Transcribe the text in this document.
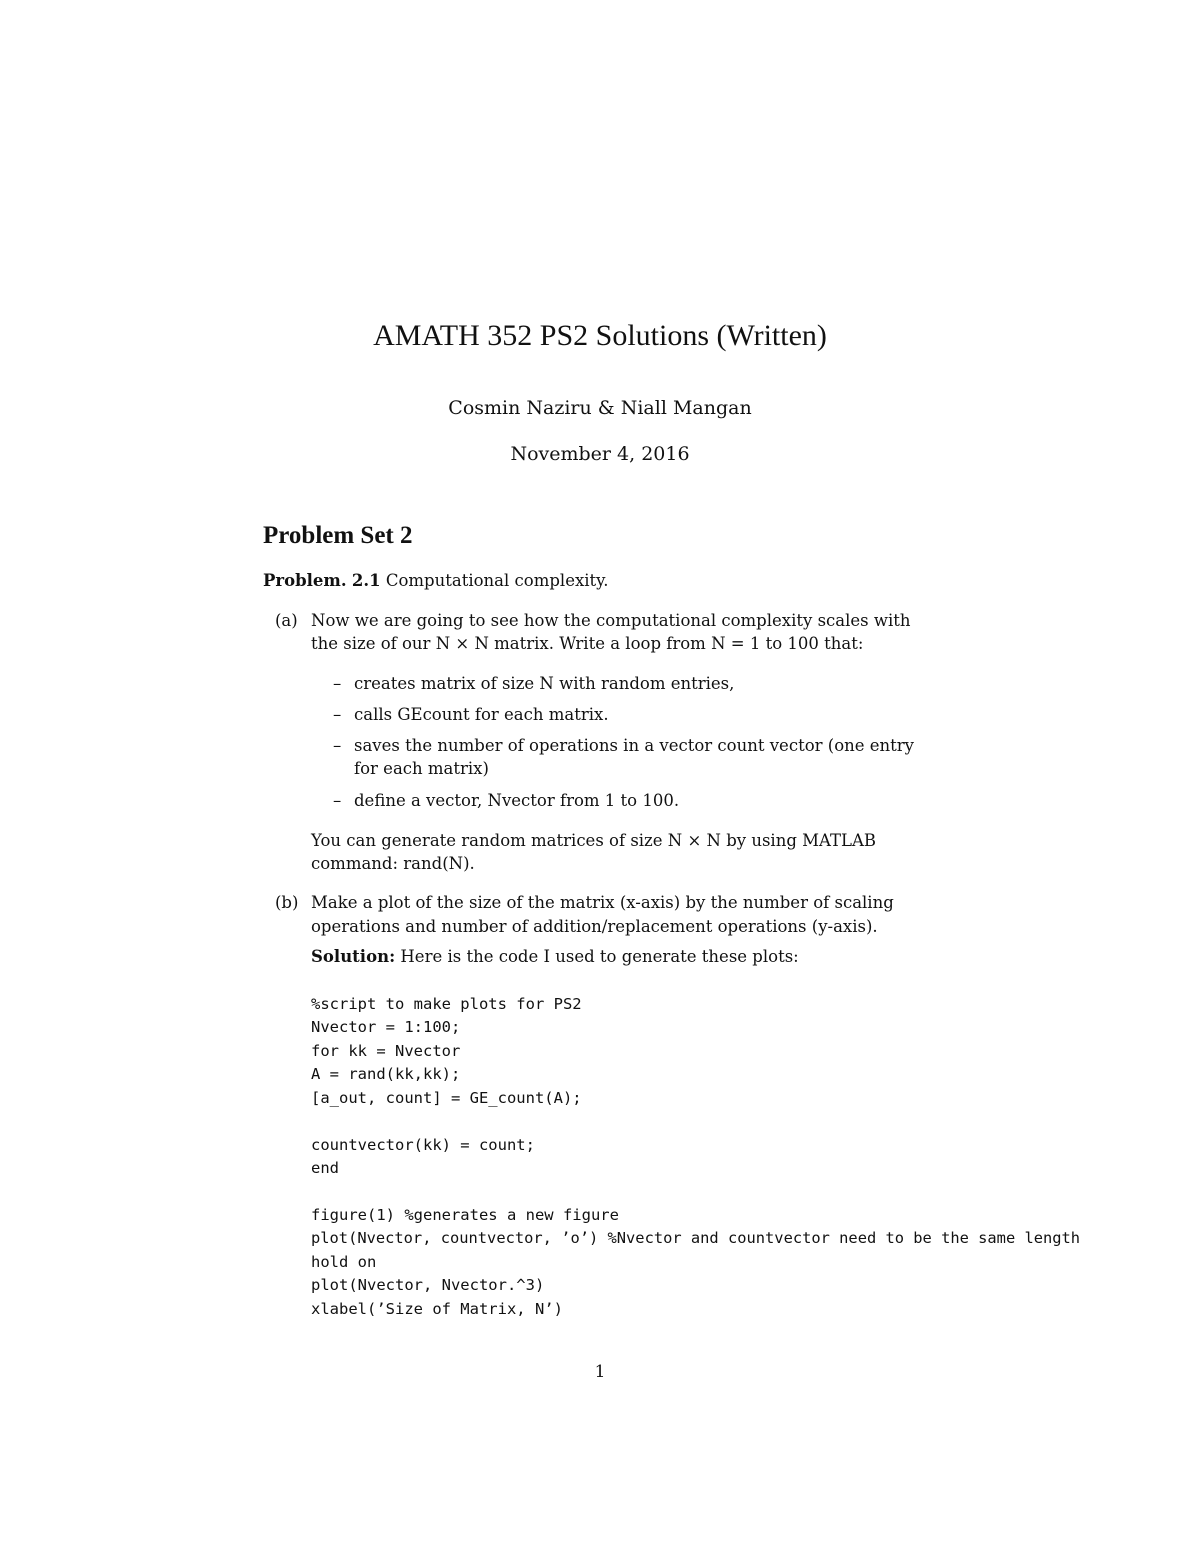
AMATH 352 PS2 Solutions (Written)
Cosmin Naziru & Niall Mangan
November 4, 2016
Problem Set 2
Problem. 2.1 Computational complexity.
(a) Now we are going to see how the computational complexity scales with
the size of our N × N matrix. Write a loop from N = 1 to 100 that:
– creates matrix of size N with random entries,
– calls GEcount for each matrix.
– saves the number of operations in a vector count vector (one entry
for each matrix)
– define a vector, Nvector from 1 to 100.
You can generate random matrices of size N × N by using MATLAB
command: rand(N).
(b) Make a plot of the size of the matrix (x-axis) by the number of scaling
operations and number of addition/replacement operations (y-axis).
Solution: Here is the code I used to generate these plots:
%script to make plots for PS2
Nvector = 1:100;
for kk = Nvector
A = rand(kk,kk);
[a_out, count] = GE_count(A);
countvector(kk) = count;
end
figure(1) %generates a new figure
plot(Nvector, countvector, ’o’) %Nvector and countvector need to be the same length
hold on
plot(Nvector, Nvector.^3)
xlabel(’Size of Matrix, N’)
1
